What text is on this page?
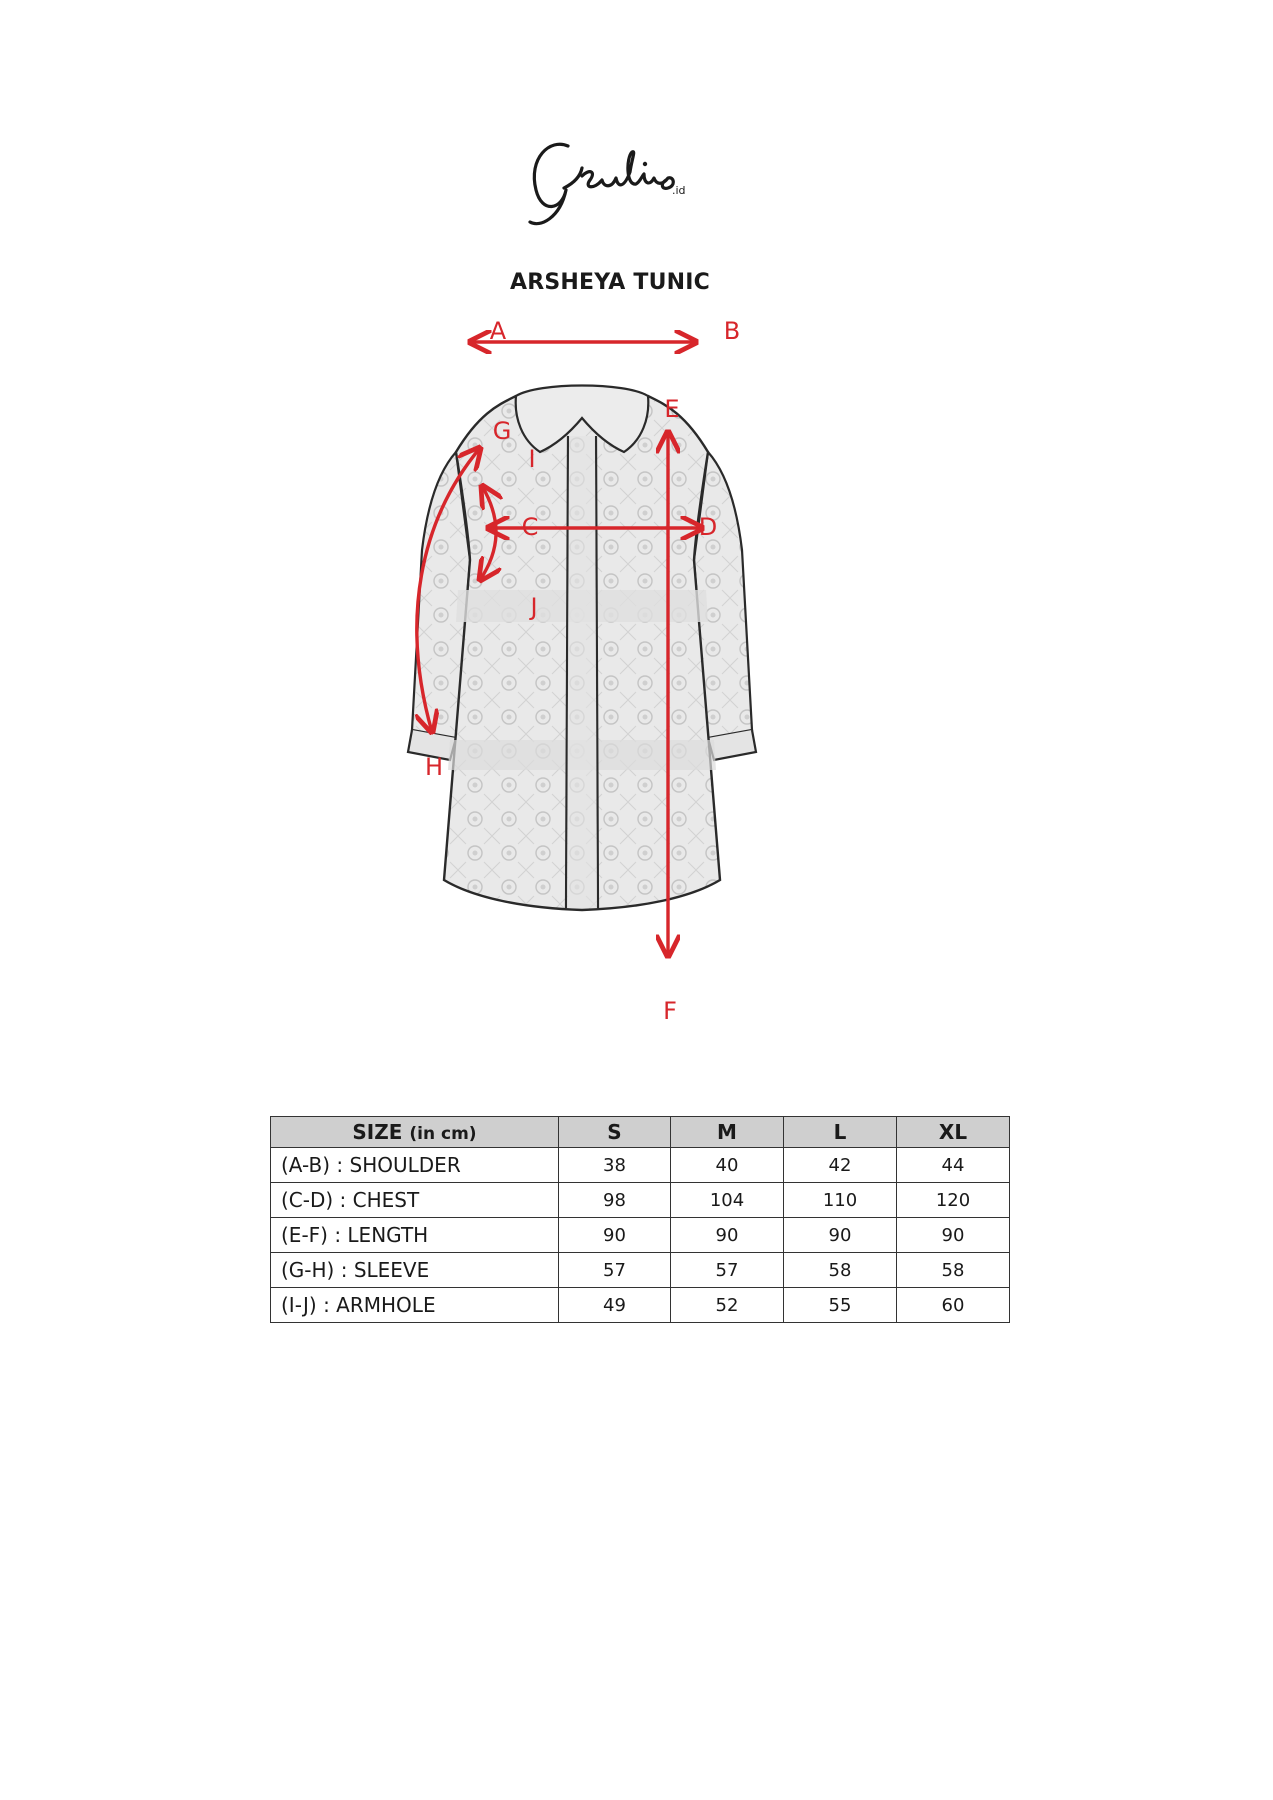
.id
ARSHEYA TUNIC
A	B
C	D
E
F
G
H
I
J
SIZE (in cm)	S	M	L	XL
(A-B) : SHOULDER	38	40	42	44
(C-D) : CHEST	98	104	110	120
(E-F) : LENGTH	90	90	90	90
(G-H) : SLEEVE	57	57	58	58
(I-J) : ARMHOLE	49	52	55	60
